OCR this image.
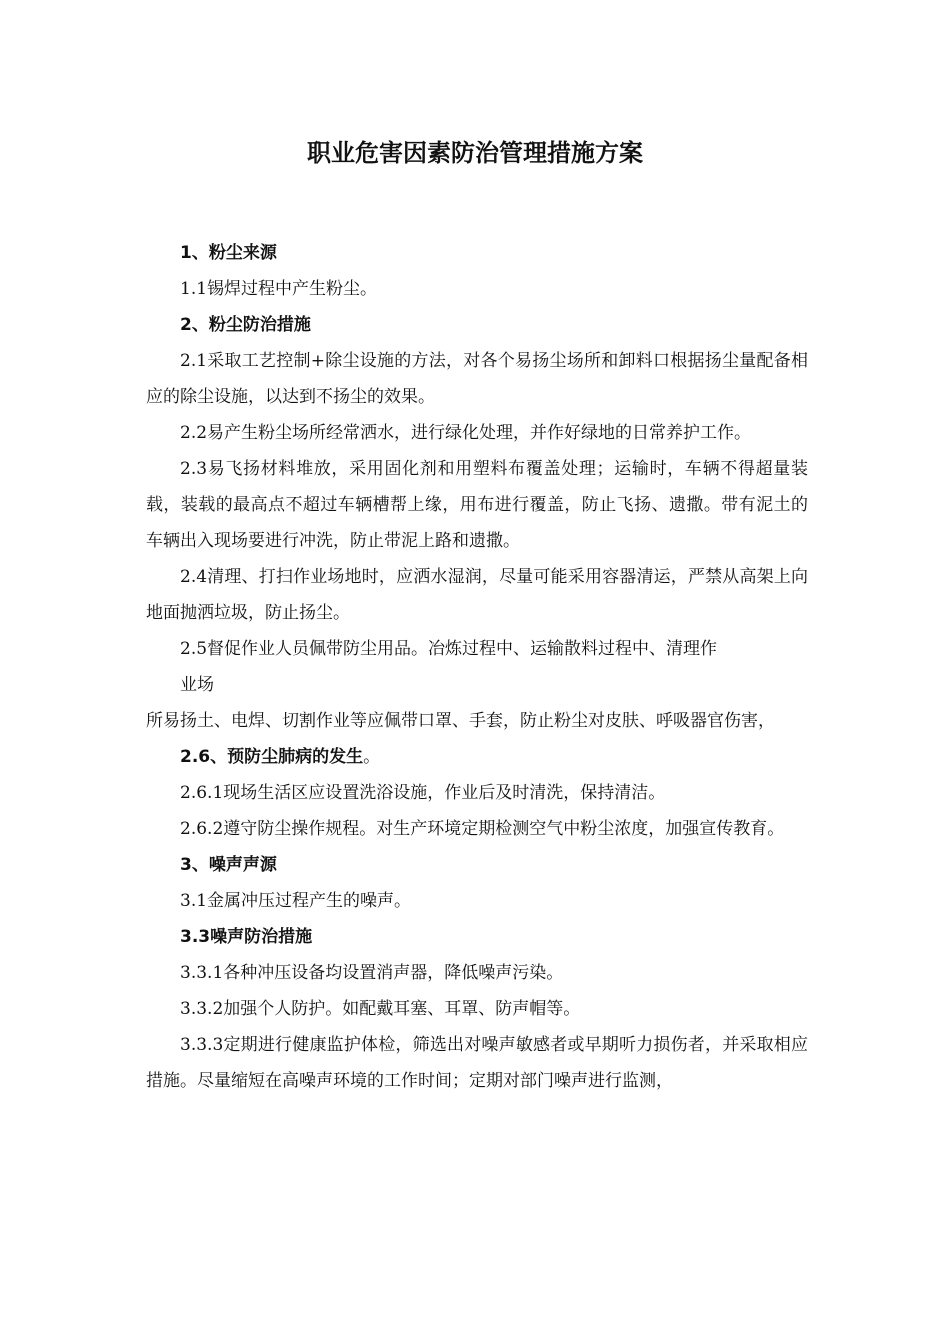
职业危害因素防治管理措施方案

1、粉尘来源

1.1锡焊过程中产生粉尘。

2、粉尘防治措施

2.1采取工艺控制+除尘设施的方法，对各个易扬尘场所和卸料口根据扬尘量配备相应的除尘设施，以达到不扬尘的效果。

2.2易产生粉尘场所经常洒水，进行绿化处理，并作好绿地的日常养护工作。

2.3易飞扬材料堆放，采用固化剂和用塑料布覆盖处理；运输时，车辆不得超量装载，装载的最高点不超过车辆槽帮上缘，用布进行覆盖，防止飞扬、遗撒。带有泥土的车辆出入现场要进行冲洗，防止带泥上路和遗撒。

2.4清理、打扫作业场地时，应洒水湿润，尽量可能采用容器清运，严禁从高架上向地面抛洒垃圾，防止扬尘。

2.5督促作业人员佩带防尘用品。冶炼过程中、运输散料过程中、清理作

业场

所易扬土、电焊、切割作业等应佩带口罩、手套，防止粉尘对皮肤、呼吸器官伤害，

2.6、预防尘肺病的发生。

2.6.1现场生活区应设置洗浴设施，作业后及时清洗，保持清洁。

2.6.2遵守防尘操作规程。对生产环境定期检测空气中粉尘浓度，加强宣传教育。

3、噪声声源

3.1金属冲压过程产生的噪声。

3.3噪声防治措施

3.3.1各种冲压设备均设置消声器，降低噪声污染。

3.3.2加强个人防护。如配戴耳塞、耳罩、防声帽等。

3.3.3定期进行健康监护体检，筛选出对噪声敏感者或早期听力损伤者，并采取相应措施。尽量缩短在高噪声环境的工作时间；定期对部门噪声进行监测，
